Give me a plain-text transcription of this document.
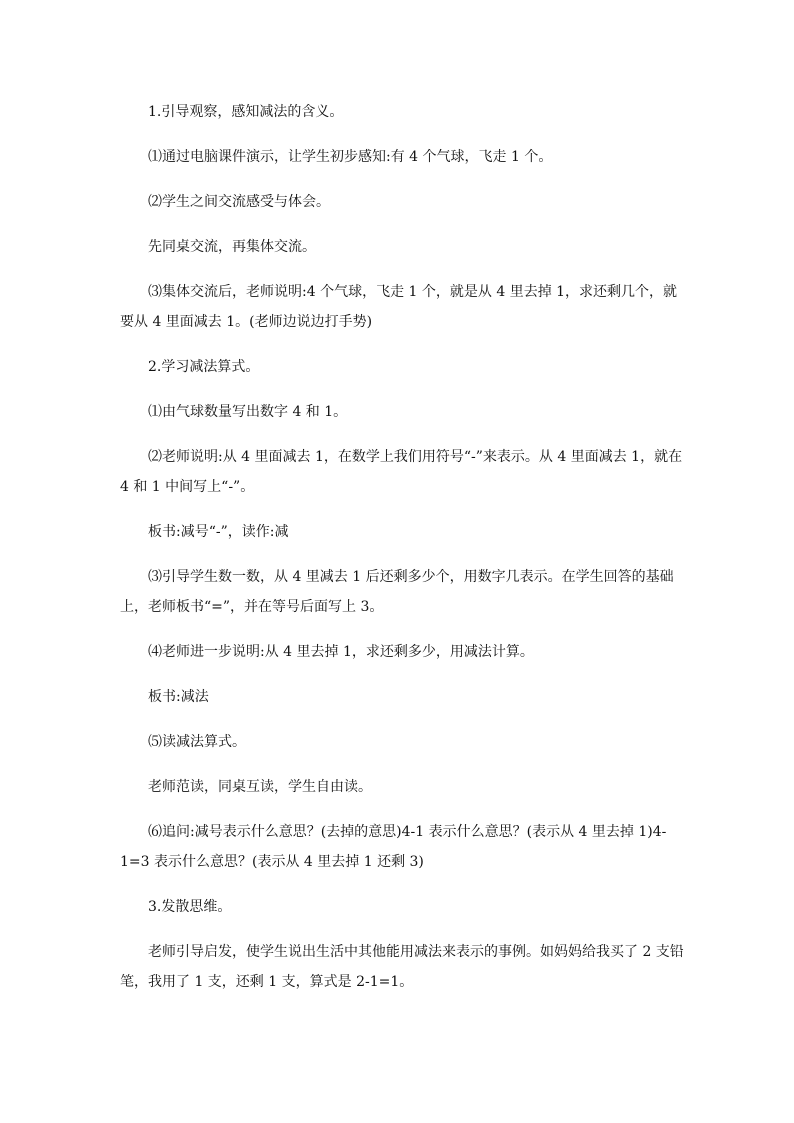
1.引导观察，感知减法的含义。

⑴通过电脑课件演示，让学生初步感知:有 4 个气球，飞走 1 个。

⑵学生之间交流感受与体会。

先同桌交流，再集体交流。

⑶集体交流后，老师说明:4 个气球，飞走 1 个，就是从 4 里去掉 1，求还剩几个，就要从 4 里面减去 1。(老师边说边打手势)

2.学习减法算式。

⑴由气球数量写出数字 4 和 1。

⑵老师说明:从 4 里面减去 1，在数学上我们用符号“-”来表示。从 4 里面减去 1，就在 4 和 1 中间写上“-”。

板书:减号“-”，读作:减

⑶引导学生数一数，从 4 里减去 1 后还剩多少个，用数字几表示。在学生回答的基础上，老师板书“=”，并在等号后面写上 3。

⑷老师进一步说明:从 4 里去掉 1，求还剩多少，用减法计算。

板书:减法

⑸读减法算式。

老师范读，同桌互读，学生自由读。

⑹追问:减号表示什么意思？(去掉的意思)4-1 表示什么意思？(表示从 4 里去掉 1)4-1=3 表示什么意思？(表示从 4 里去掉 1 还剩 3)

3.发散思维。

老师引导启发，使学生说出生活中其他能用减法来表示的事例。如妈妈给我买了 2 支铅笔，我用了 1 支，还剩 1 支，算式是 2-1=1。
